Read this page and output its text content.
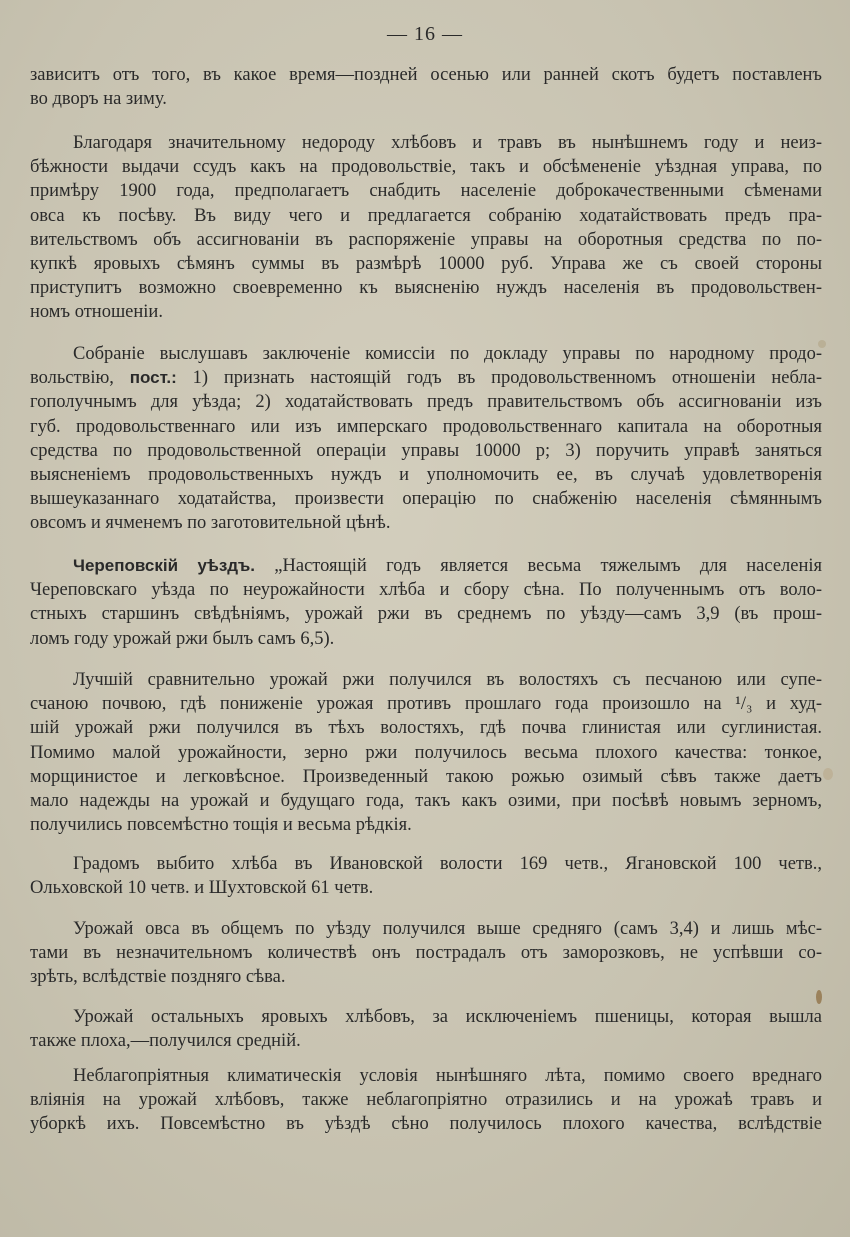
— 16 —
зависитъ отъ того, въ какое время—поздней осенью или ранней скотъ будетъ поставленъ
во дворъ на зиму.
Благодаря значительному недороду хлѣбовъ и травъ въ нынѣшнемъ году и неиз-
бѣжности выдачи ссудъ какъ на продовольствіе, такъ и обсѣмененіе уѣздная управа, по
примѣру 1900 года, предполагаетъ снабдить населеніе доброкачественными сѣменами
овса къ посѣву. Въ виду чего и предлагается собранію ходатайствовать предъ пра-
вительствомъ объ ассигнованіи въ распоряженіе управы на оборотныя средства по по-
купкѣ яровыхъ сѣмянъ суммы въ размѣрѣ 10000 руб. Управа же съ своей стороны
приступитъ возможно своевременно къ выясненію нуждъ населенія въ продовольствен-
номъ отношеніи.
Собраніе выслушавъ заключеніе комиссіи по докладу управы по народному продо-
вольствію, пост.: 1) признать настоящій годъ въ продовольственномъ отношеніи небла-
гополучнымъ для уѣзда; 2) ходатайствовать предъ правительствомъ объ ассигнованіи изъ
губ. продовольственнаго или изъ имперскаго продовольственнаго капитала на оборотныя
средства по продовольственной операціи управы 10000 р; 3) поручить управѣ заняться
выясненіемъ продовольственныхъ нуждъ и уполномочить ее, въ случаѣ удовлетворенія
вышеуказаннаго ходатайства, произвести операцію по снабженію населенія сѣмяннымъ
овсомъ и ячменемъ по заготовительной цѣнѣ.
Череповскій уѣздъ. „Настоящій годъ является весьма тяжелымъ для населенія
Череповскаго уѣзда по неурожайности хлѣба и сбору сѣна. По полученнымъ отъ воло-
стныхъ старшинъ свѣдѣніямъ, урожай ржи въ среднемъ по уѣзду—самъ 3,9 (въ прош-
ломъ году урожай ржи былъ самъ 6,5).
Лучшій сравнительно урожай ржи получился въ волостяхъ съ песчаною или супе-
счаною почвою, гдѣ пониженіе урожая противъ прошлаго года произошло на ¹/₃ и худ-
шій урожай ржи получился въ тѣхъ волостяхъ, гдѣ почва глинистая или суглинистая.
Помимо малой урожайности, зерно ржи получилось весьма плохого качества: тонкое,
морщинистое и легковѣсное. Произведенный такою рожью озимый сѣвъ также даетъ
мало надежды на урожай и будущаго года, такъ какъ озими, при посѣвѣ новымъ зерномъ,
получились повсемѣстно тощія и весьма рѣдкія.
Градомъ выбито хлѣба въ Ивановской волости 169 четв., Ягановской 100 четв.,
Ольховской 10 четв. и Шухтовской 61 четв.
Урожай овса въ общемъ по уѣзду получился выше средняго (самъ 3,4) и лишь мѣс-
тами въ незначительномъ количествѣ онъ пострадалъ отъ заморозковъ, не успѣвши со-
зрѣть, вслѣдствіе поздняго сѣва.
Урожай остальныхъ яровыхъ хлѣбовъ, за исключеніемъ пшеницы, которая вышла
также плоха,—получился средній.
Неблагопріятныя климатическія условія нынѣшняго лѣта, помимо своего вреднаго
вліянія на урожай хлѣбовъ, также неблагопріятно отразились и на урожаѣ травъ и
уборкѣ ихъ. Повсемѣстно въ уѣздѣ сѣно получилось плохого качества, вслѣдствіе
